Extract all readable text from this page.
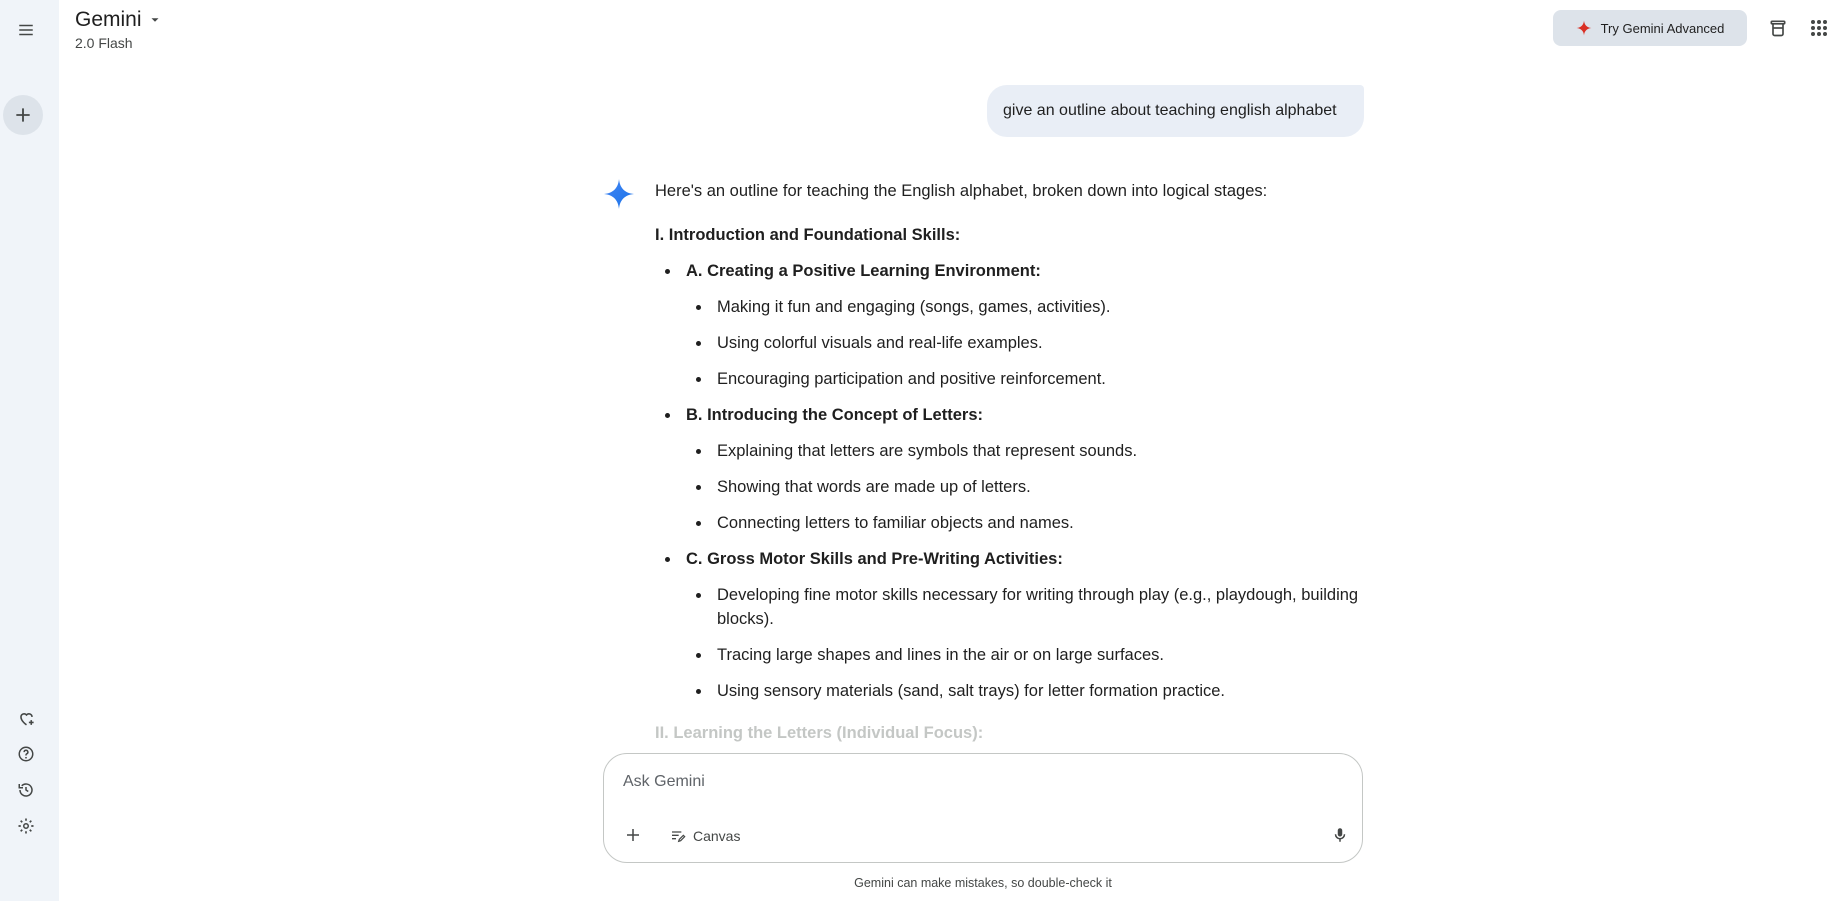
Gemini
2.0 Flash
Try Gemini Advanced
give an outline about teaching english alphabet

Here's an outline for teaching the English alphabet, broken down into logical stages:

I. Introduction and Foundational Skills:

A. Creating a Positive Learning Environment:
Making it fun and engaging (songs, games, activities).
Using colorful visuals and real-life examples.
Encouraging participation and positive reinforcement.
B. Introducing the Concept of Letters:
Explaining that letters are symbols that represent sounds.
Showing that words are made up of letters.
Connecting letters to familiar objects and names.
C. Gross Motor Skills and Pre-Writing Activities:
Developing fine motor skills necessary for writing through play (e.g., playdough, building blocks).
Tracing large shapes and lines in the air or on large surfaces.
Using sensory materials (sand, salt trays) for letter formation practice.

II. Learning the Letters (Individual Focus):

Ask Gemini
Canvas
Gemini can make mistakes, so double-check it
